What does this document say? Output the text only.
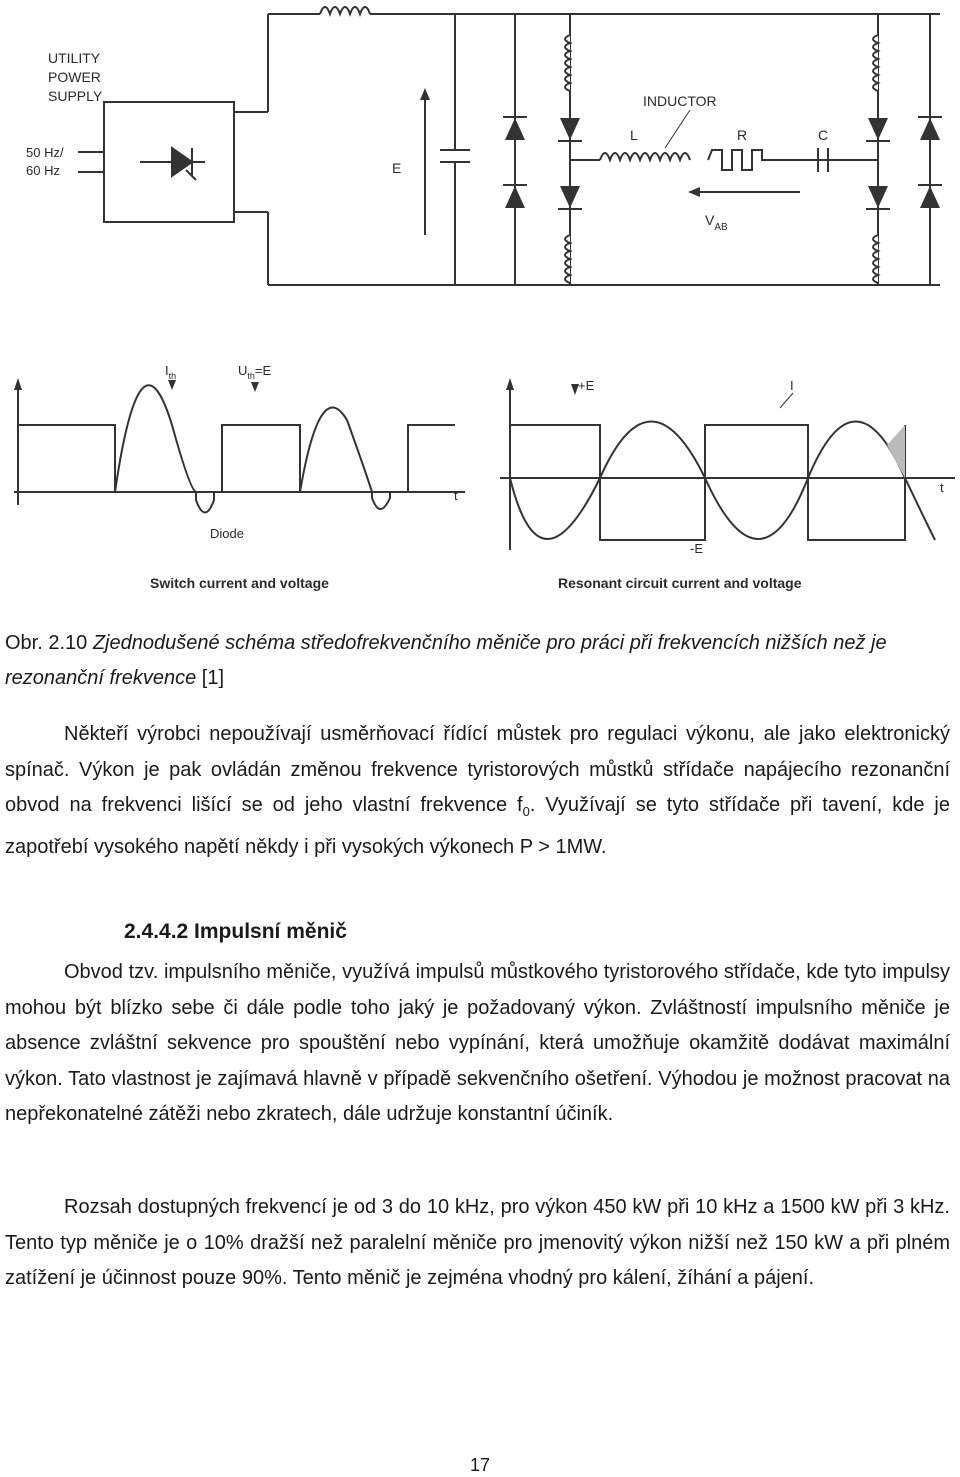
UTILITY
POWER
SUPPLY
50 Hz/
60 Hz	E
INDUCTOR
L	R	C
$V_{AB}$
$I_{th}$	$U_{th}=E$
Diode
t
Switch current and voltage
+E	I
-E
t
Resonant circuit current and voltage
Obr. 2.10 Zjednodušené schéma středofrekvenčního měniče pro práci při frekvencích nižších než je rezonanční frekvence [1]
Někteří výrobci nepoužívají usměrňovací řídící můstek pro regulaci výkonu, ale jako elektronický spínač. Výkon je pak ovládán změnou frekvence tyristorových můstků střídače napájecího rezonanční obvod na frekvenci lišící se od jeho vlastní frekvence $f_0$. Využívají se tyto střídače při tavení, kde je zapotřebí vysokého napětí někdy i při vysokých výkonech P > 1MW.
2.4.4.2 Impulsní měnič
Obvod tzv. impulsního měniče, využívá impulsů můstkového tyristorového střídače, kde tyto impulsy mohou být blízko sebe či dále podle toho jaký je požadovaný výkon. Zvláštností impulsního měniče je absence zvláštní sekvence pro spouštění nebo vypínání, která umožňuje okamžitě dodávat maximální výkon. Tato vlastnost je zajímavá hlavně v případě sekvenčního ošetření. Výhodou je možnost pracovat na nepřekonatelné zátěži nebo zkratech, dále udržuje konstantní účiník.
Rozsah dostupných frekvencí je od 3 do 10 kHz, pro výkon 450 kW při 10 kHz a 1500 kW při 3 kHz. Tento typ měniče je o 10% dražší než paralelní měniče pro jmenovitý výkon nižší než 150 kW a při plném zatížení je účinnost pouze 90%. Tento měnič je zejména vhodný pro kálení, žíhání a pájení.
17
